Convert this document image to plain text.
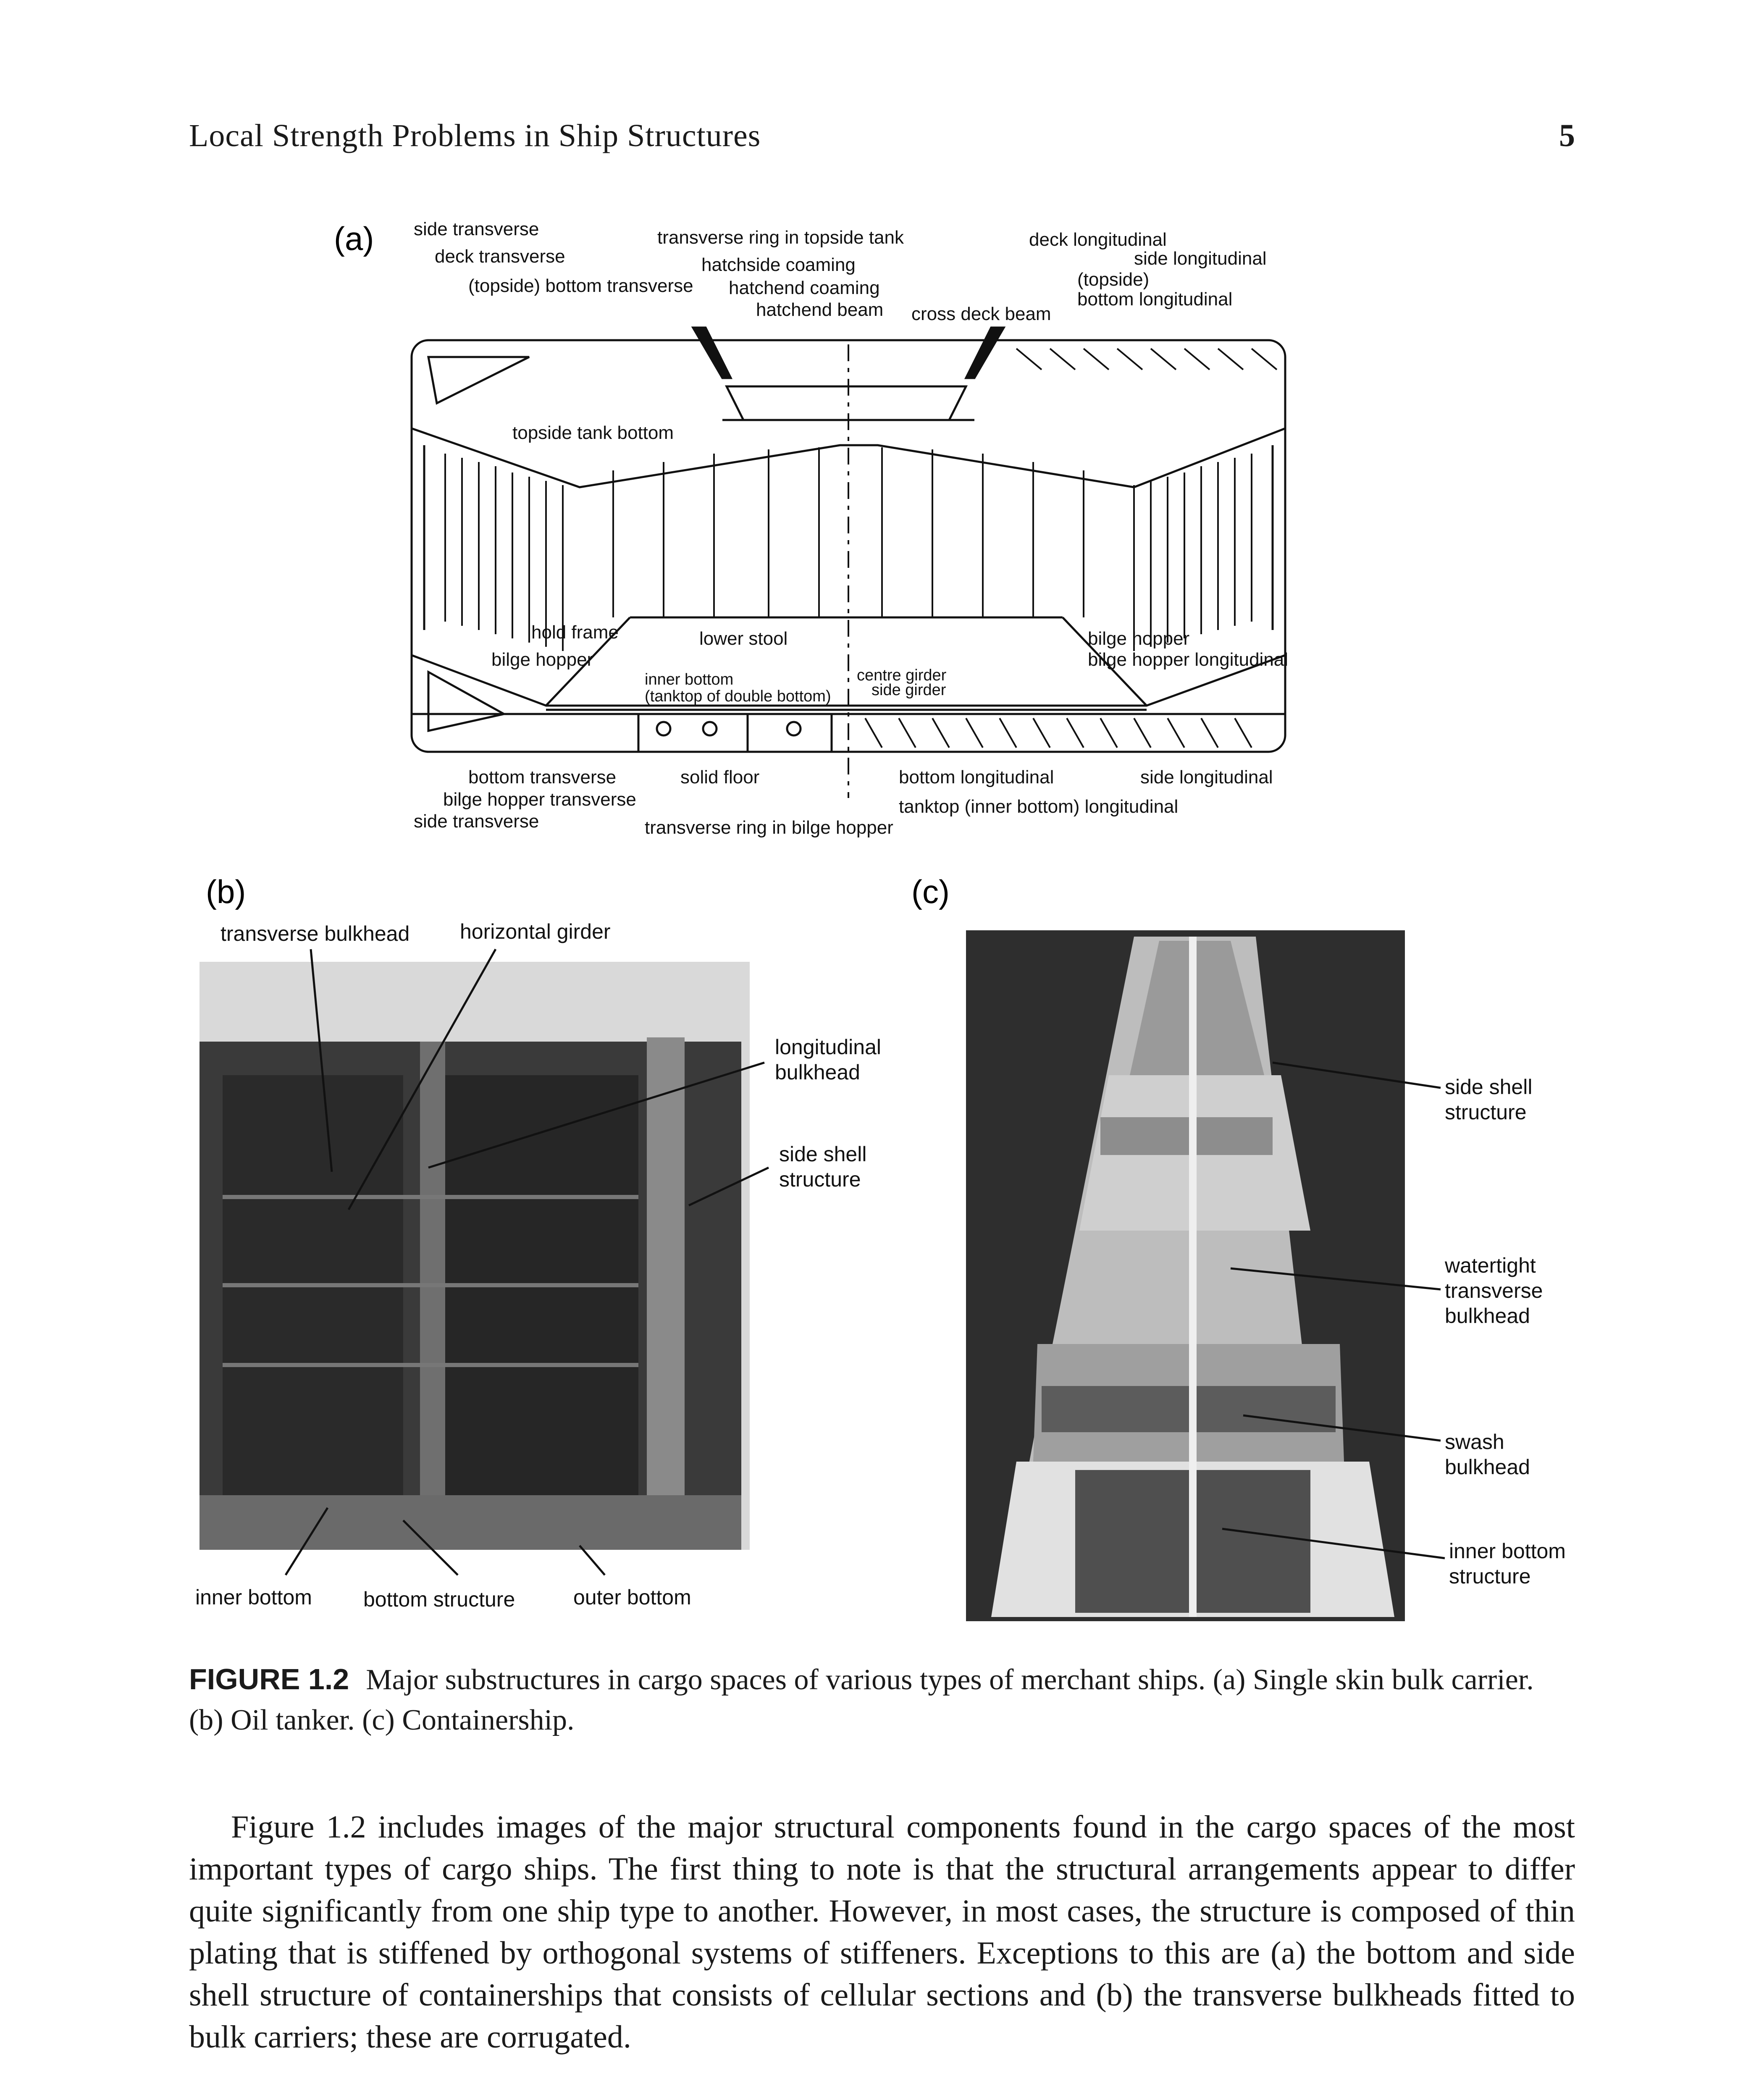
Local Strength Problems in Ship Structures	5
(a) side transverse
deck transverse
(topside) bottom transverse
transverse ring in topside tank
hatchside coaming
hatchend coaming
hatchend beam cross deck beam
deck longitudinal
side longitudinal
(topside)
bottom longitudinal
topside tank bottom
hold frame	lower stool
bilge hopper
bilge hopper
bilge hopper longitudinal
inner bottom
(tanktop of double bottom)
centre girder
side girder
bottom transverse	solid floor	bottom longitudinal	side longitudinal
bilge hopper transverse	tanktop (inner bottom) longitudinal
side transverse	transverse ring in bilge hopper
(b)
transverse bulkhead horizontal girder
longitudinal
bulkhead
side shell
structure
inner bottom bottom structure	outer bottom
(c)
side shell
structure
watertight
transverse
bulkhead
swash
bulkhead
inner bottom
structure
FIGURE 1.2 Major substructures in cargo spaces of various types of merchant ships. (a) Single skin bulk carrier. (b) Oil tanker. (c) Containership.

Figure 1.2 includes images of the major structural components found in the cargo spaces of the most important types of cargo ships. The first thing to note is that the structural arrangements appear to differ quite significantly from one ship type to another. However, in most cases, the structure is composed of thin plating that is stiffened by orthogonal systems of stiffeners. Exceptions to this are (a) the bottom and side shell structure of containerships that consists of cellular sections and (b) the transverse bulkheads fitted to bulk carriers; these are corrugated.
